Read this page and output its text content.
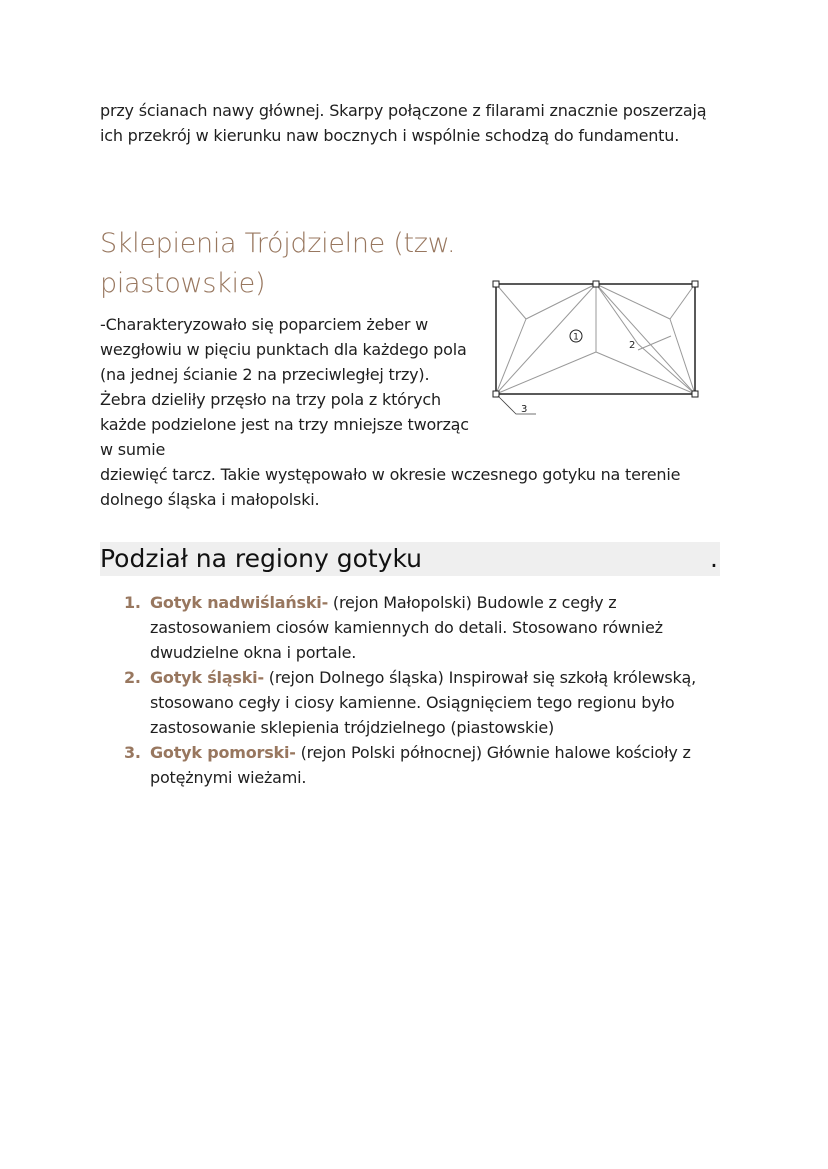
przy ścianach nawy głównej. Skarpy połączone z filarami znacznie poszerzają ich przekrój w kierunku naw bocznych i wspólnie schodzą do fundamentu.

Sklepienia Trójdzielne (tzw. piastowskie)
1
2
3

-Charakteryzowało się poparciem żeber w wezgłowiu w pięciu punktach dla każdego pola (na jednej ścianie 2 na przeciwległej trzy). Żebra dzieliły przęsło na trzy pola z których każde podzielone jest na trzy mniejsze tworząc w sumie
dziewięć tarcz. Takie występowało w okresie wczesnego gotyku na terenie dolnego śląska i małopolski.

Podział na regiony gotyku	.
1. Gotyk nadwiślański- (rejon Małopolski) Budowle z cegły z zastosowaniem ciosów kamiennych do detali. Stosowano również dwudzielne okna i portale.
2. Gotyk śląski- (rejon Dolnego śląska) Inspirował się szkołą królewską, stosowano cegły i ciosy kamienne. Osiągnięciem tego regionu było zastosowanie sklepienia trójdzielnego (piastowskie)
3. Gotyk pomorski- (rejon Polski północnej) Głównie halowe kościoły z potężnymi wieżami.
